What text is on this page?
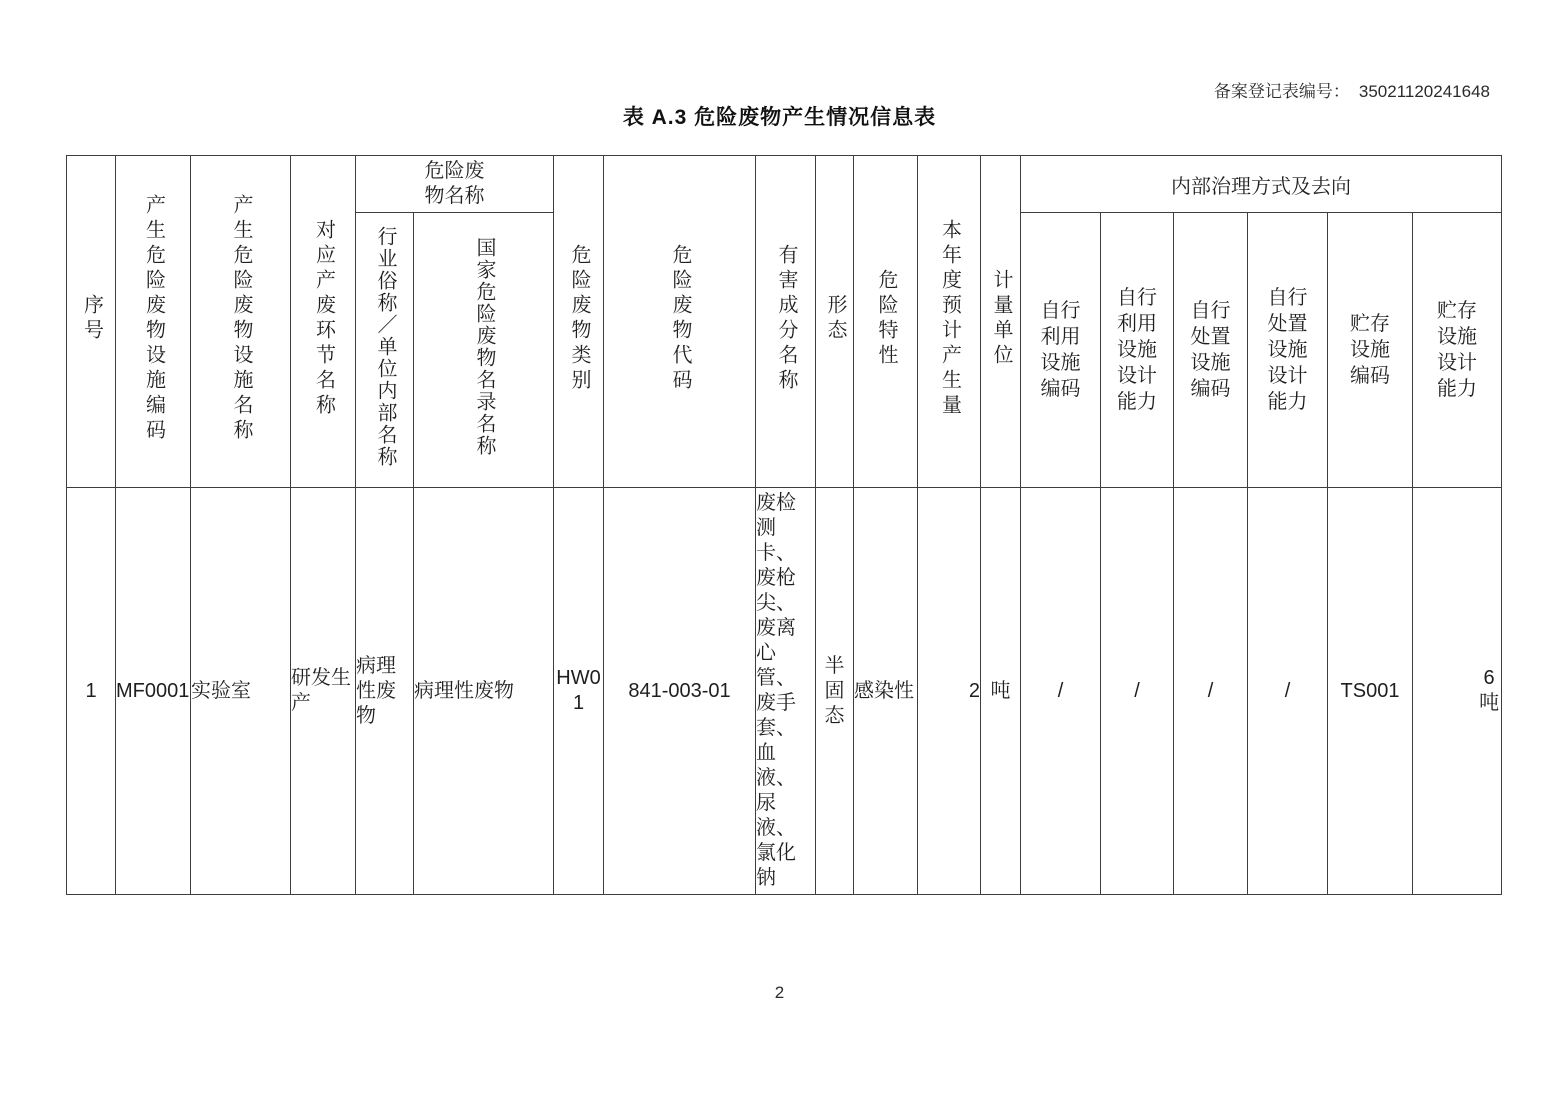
备案登记表编号： 35021120241648
表 A.3 危险废物产生情况信息表
序号	产生危险废物设施编码	产生危险废物设施名称	对应产废环节名称	危险废物名称		危险废物类别	危险废物代码	有害成分名称	形态	危险特性	本年度预计产生量	计量单位	内部治理方式及去向					
				行业俗称／单位内部名称	国家危险废物名录名称								自行利用设施编码	自行利用设施设计能力	自行处置设施编码	自行处置设施设计能力	贮存设施编码	贮存设施设计能力
1	MF0001	实验室	研发生产	病理性废物	病理性废物	HW01	841-003-01	废检测卡、废枪尖、废离心管、废手套、血液、尿液、氯化钠	半固态	感染性	2	吨	/	/	/	/	TS001	6吨
2
